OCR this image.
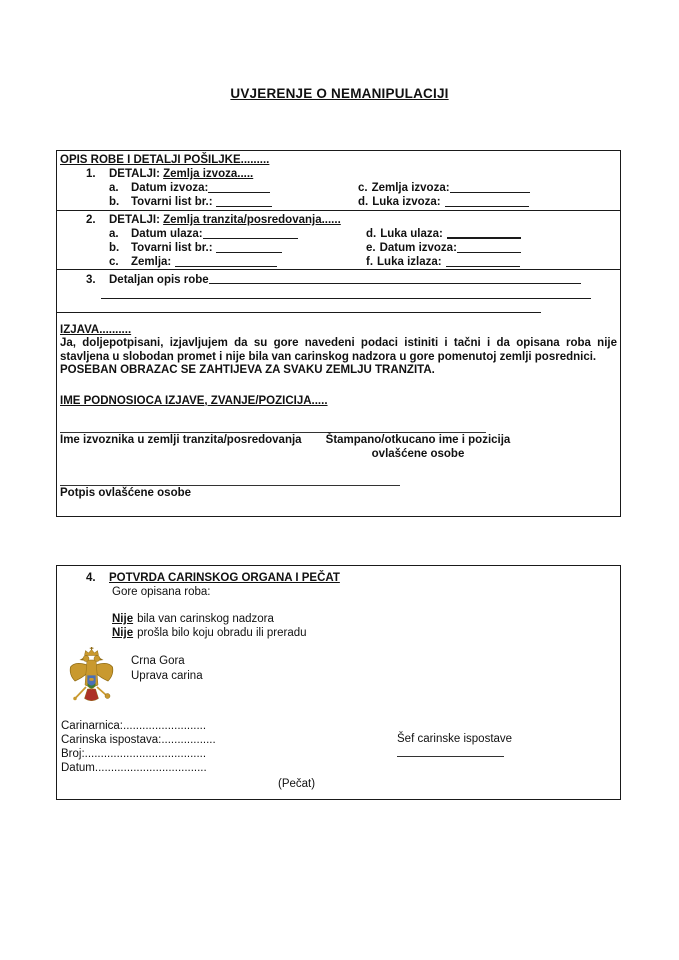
UVJERENJE O NEMANIPULACIJI
OPIS ROBE I DETALJI POŠILJKE.........
1. DETALJI: Zemlja izvoza.....
a. Datum izvoza:	c. Zemlja izvoza:
b. Tovarni list br.:	d. Luka izvoza:
2. DETALJI: Zemlja tranzita/posredovanja......
a. Datum ulaza:	d. Luka ulaza:
b. Tovarni list br.:	e. Datum izvoza:
c. Zemlja:	f. Luka izlaza:
3.	Detaljan opis robe
IZJAVA..........
Ja, doljepotpisani, izjavljujem da su gore navedeni podaci istiniti i tačni i da opisana roba nije stavljena u slobodan promet i nije bila van carinskog nadzora u gore pomenutoj zemlji posrednici.
POSEBAN OBRAZAC SE ZAHTIJEVA ZA SVAKU ZEMLJU TRANZITA.
IME PODNOSIOCA IZJAVE, ZVANJE/POZICIJA.....
Ime izvoznika u zemlji tranzita/posredovanja	Štampano/otkucano ime i pozicija
ovlašćene osobe
Potpis ovlašćene osobe
4. POTVRDA CARINSKOG ORGANA I PEČAT
Gore opisana roba:
Nije bila van carinskog nadzora
Nije prošla bilo koju obradu ili preradu
Crna Gora
Uprava carina
Carinarnica:..........................
Carinska ispostava:.................
Broj:......................................
Datum...................................
Šef carinske ispostave
(Pečat)
